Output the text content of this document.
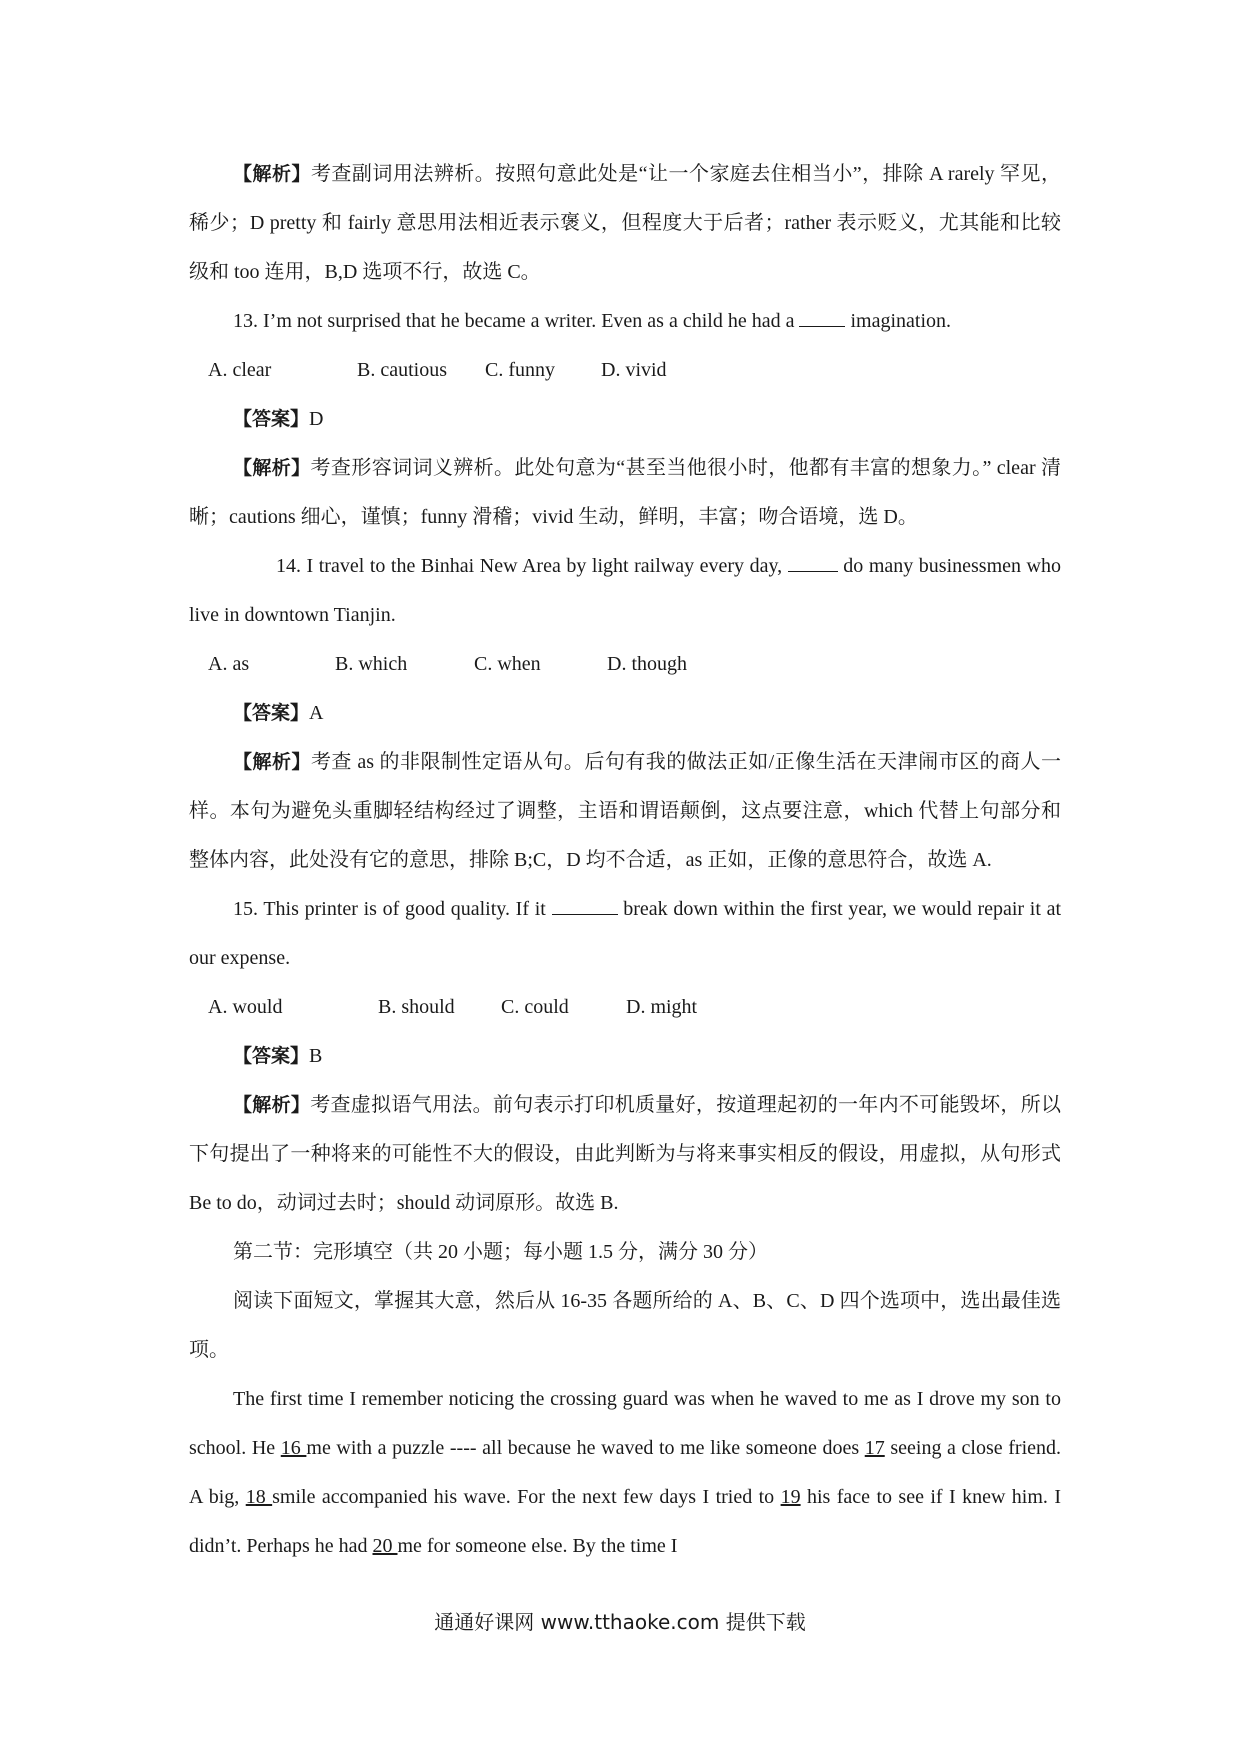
【解析】考查副词用法辨析。按照句意此处是“让一个家庭去住相当小”，排除 A rarely 罕见，稀少；D pretty 和 fairly 意思用法相近表示褒义，但程度大于后者；rather 表示贬义，尤其能和比较级和 too 连用，B,D 选项不行，故选 C。

13. I’m not surprised that he became a writer. Even as a child he had a	imagination.

A. clear	B. cautious C. funny D. vivid

【答案】D

【解析】考查形容词词义辨析。此处句意为“甚至当他很小时，他都有丰富的想象力。” clear 清晰；cautions 细心，谨慎；funny 滑稽；vivid 生动，鲜明，丰富；吻合语境，选 D。

14. I travel to the Binhai New Area by light railway every day,	do many businessmen who live in downtown Tianjin.

A. as	B. which	C. when	D. though

【答案】A

【解析】考查 as 的非限制性定语从句。后句有我的做法正如/正像生活在天津闹市区的商人一样。本句为避免头重脚轻结构经过了调整，主语和谓语颠倒，这点要注意，which 代替上句部分和整体内容，此处没有它的意思，排除 B;C，D 均不合适，as 正如，正像的意思符合，故选 A.

15. This printer is of good quality. If it	break down within the first year, we would repair it at our expense.

A. would	B. should C. could	D. might

【答案】B

【解析】考查虚拟语气用法。前句表示打印机质量好，按道理起初的一年内不可能毁坏，所以下句提出了一种将来的可能性不大的假设，由此判断为与将来事实相反的假设，用虚拟，从句形式 Be to do，动词过去时；should 动词原形。故选 B.

第二节：完形填空（共 20 小题；每小题 1.5 分，满分 30 分）

阅读下面短文，掌握其大意，然后从 16-35 各题所给的 A、B、C、D 四个选项中，选出最佳选项。

The first time I remember noticing the crossing guard was when he waved to me as I drove my son to school. He 16 me with a puzzle ---- all because he waved to me like someone does 17 seeing a close friend. A big, 18 smile accompanied his wave. For the next few days I tried to 19 his face to see if I knew him. I didn’t. Perhaps he had 20 me for someone else. By the time I

通通好课网 www.tthaoke.com 提供下载
